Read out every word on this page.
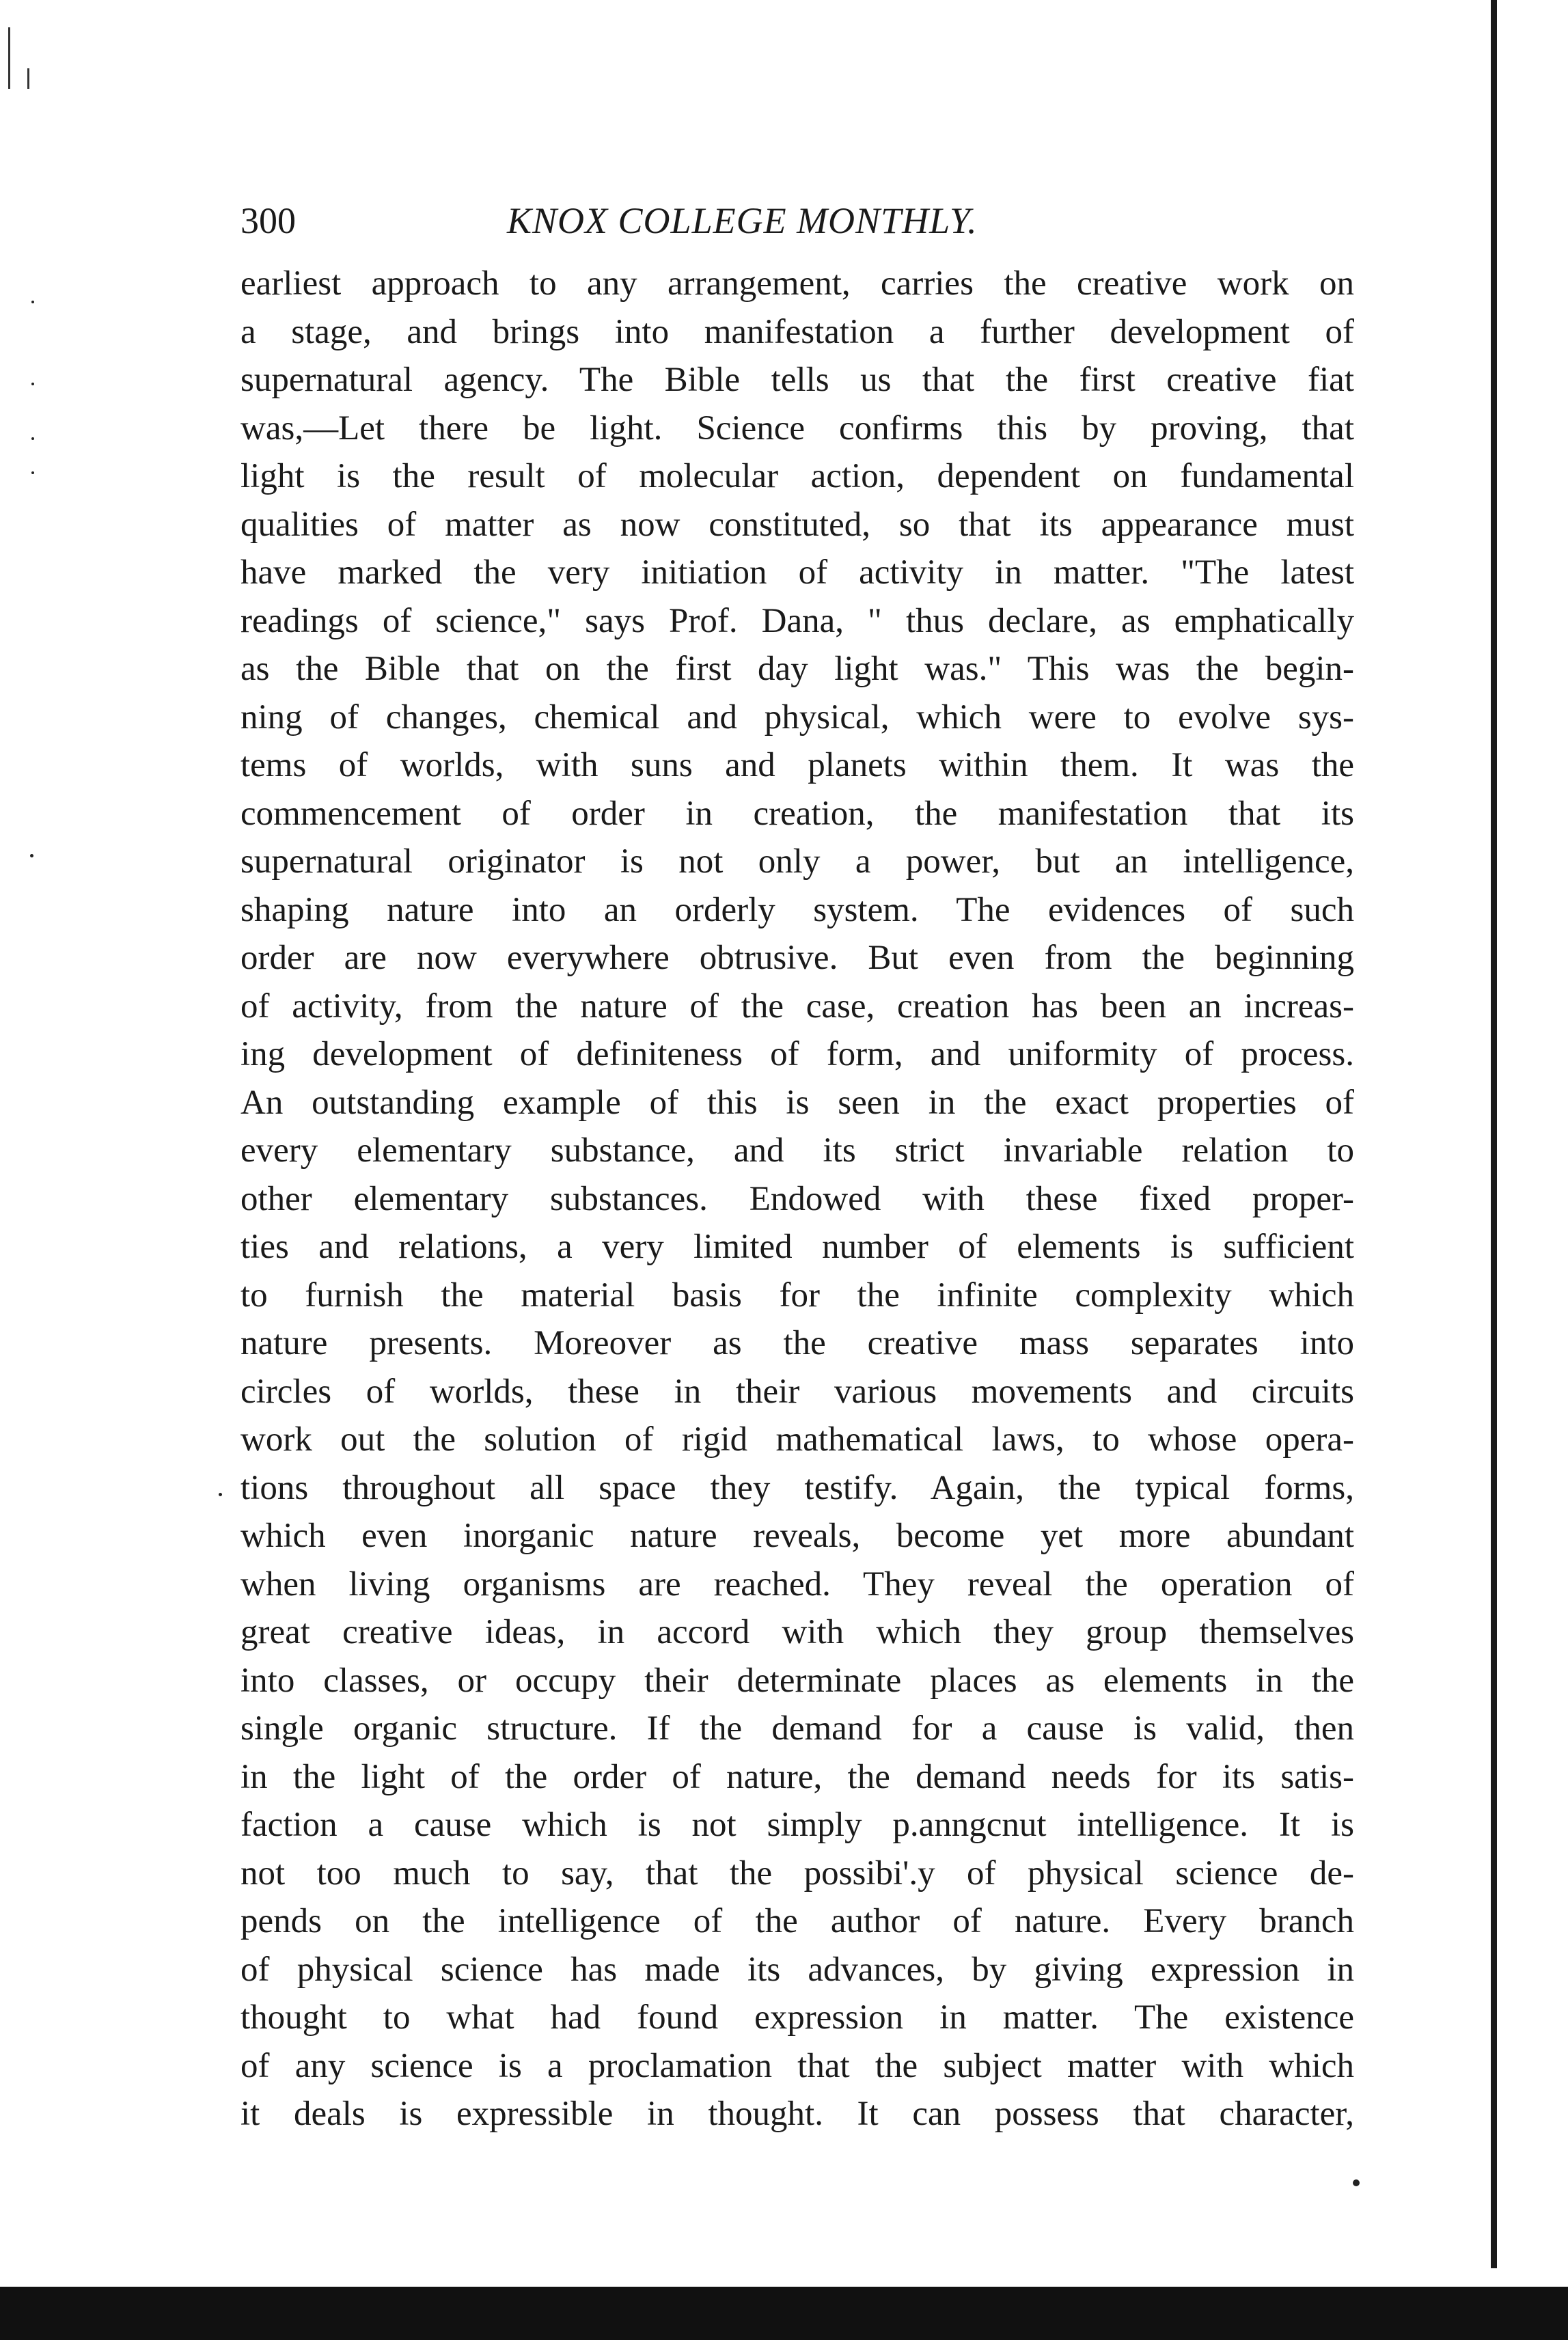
300	KNOX COLLEGE MONTHLY.
earliest approach to any arrangement, carries the creative work on
a stage, and brings into manifestation a further development of
supernatural agency. The Bible tells us that the first creative fiat
was,—Let there be light. Science confirms this by proving, that
light is the result of molecular action, dependent on fundamental
qualities of matter as now constituted, so that its appearance must
have marked the very initiation of activity in matter. "The latest
readings of science," says Prof. Dana, " thus declare, as emphatically
as the Bible that on the first day light was." This was the begin-
ning of changes, chemical and physical, which were to evolve sys-
tems of worlds, with suns and planets within them. It was the
commencement of order in creation, the manifestation that its
supernatural originator is not only a power, but an intelligence,
shaping nature into an orderly system. The evidences of such
order are now everywhere obtrusive. But even from the beginning
of activity, from the nature of the case, creation has been an increas-
ing development of definiteness of form, and uniformity of process.
An outstanding example of this is seen in the exact properties of
every elementary substance, and its strict invariable relation to
other elementary substances. Endowed with these fixed proper-
ties and relations, a very limited number of elements is sufficient
to furnish the material basis for the infinite complexity which
nature presents. Moreover as the creative mass separates into
circles of worlds, these in their various movements and circuits
work out the solution of rigid mathematical laws, to whose opera-
tions throughout all space they testify. Again, the typical forms,
which even inorganic nature reveals, become yet more abundant
when living organisms are reached. They reveal the operation of
great creative ideas, in accord with which they group themselves
into classes, or occupy their determinate places as elements in the
single organic structure. If the demand for a cause is valid, then
in the light of the order of nature, the demand needs for its satis-
faction a cause which is not simply p.anngcnut intelligence. It is
not too much to say, that the possibi'.y of physical science de-
pends on the intelligence of the author of nature. Every branch
of physical science has made its advances, by giving expression in
thought to what had found expression in matter. The existence
of any science is a proclamation that the subject matter with which
it deals is expressible in thought. It can possess that character,
